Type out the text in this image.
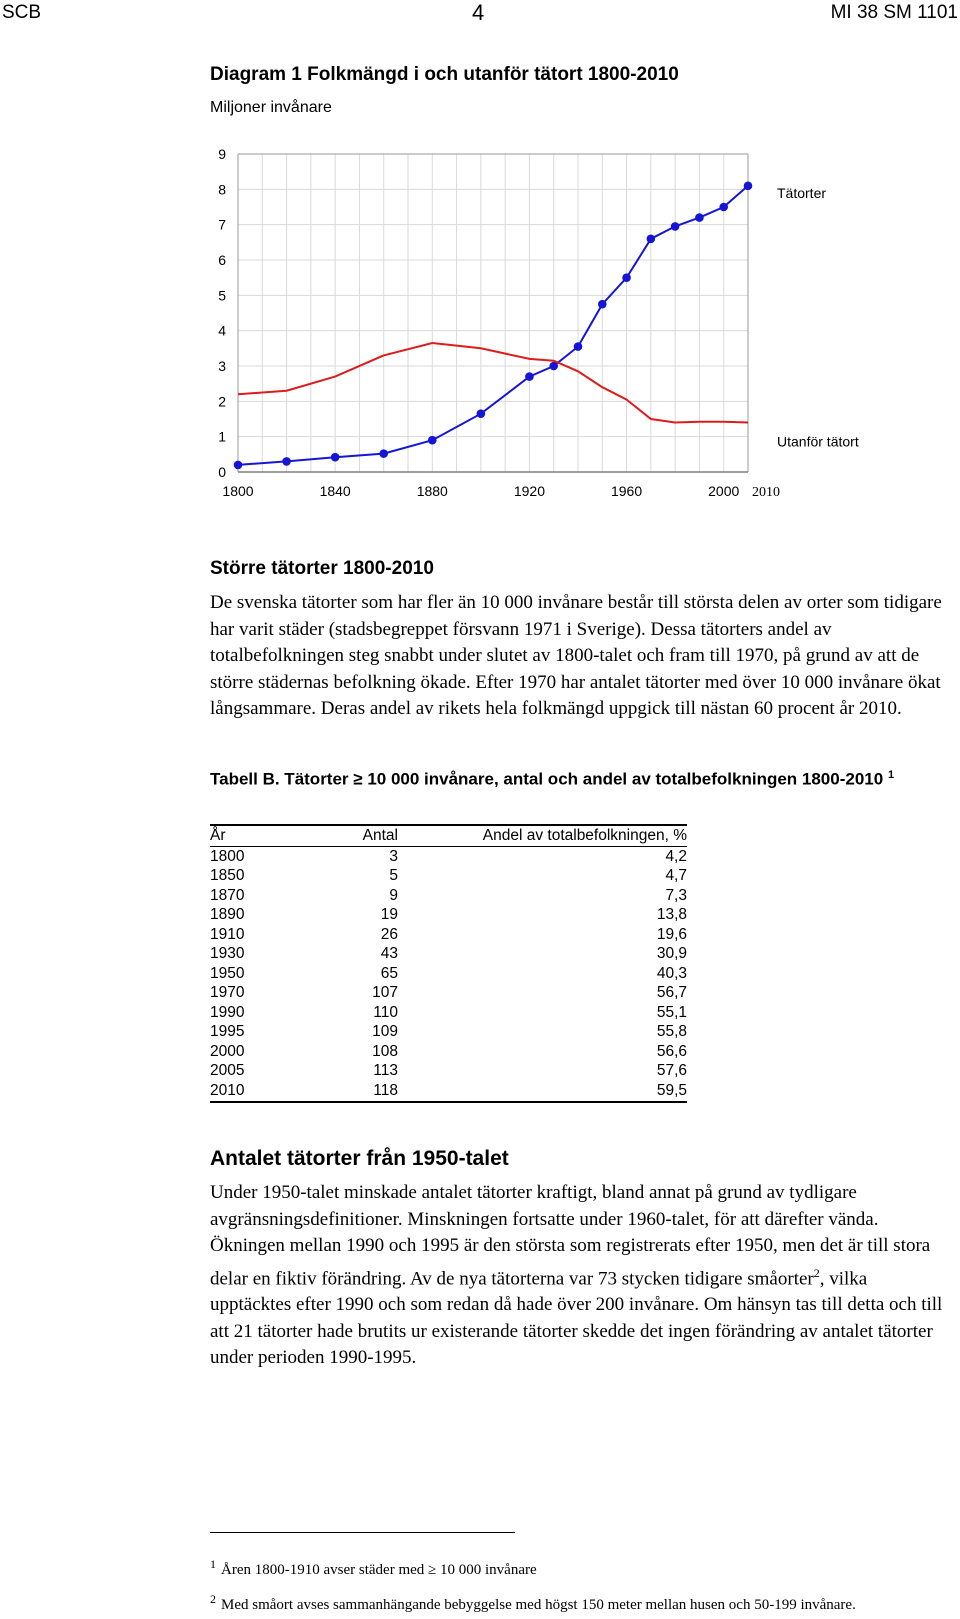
SCB	4	MI 38 SM 1101
Diagram 1 Folkmängd i och utanför tätort 1800-2010
Miljoner invånare
0
1
2
3
4
5
6
7
8
9
1800	1840	1880	1920	1960	2000 2010
Tätorter
Utanför tätort
Större tätorter 1800-2010
De svenska tätorter som har fler än 10 000 invånare består till största delen av orter som tidigare har varit städer (stadsbegreppet försvann 1971 i Sverige). Dessa tätorters andel av totalbefolkningen steg snabbt under slutet av 1800-talet och fram till 1970, på grund av att de större städernas befolkning ökade. Efter 1970 har antalet tätorter med över 10 000 invånare ökat långsammare. Deras andel av rikets hela folkmängd uppgick till nästan 60 procent år 2010.
Tabell B. Tätorter ≥ 10 000 invånare, antal och andel av totalbefolkningen 1800-2010 $^1$
År	Antal	Andel av totalbefolkningen, %
1800	3	4,2
1850	5	4,7
1870	9	7,3
1890	19	13,8
1910	26	19,6
1930	43	30,9
1950	65	40,3
1970	107	56,7
1990	110	55,1
1995	109	55,8
2000	108	56,6
2005	113	57,6
2010	118	59,5
Antalet tätorter från 1950-talet
Under 1950-talet minskade antalet tätorter kraftigt, bland annat på grund av tydligare avgränsningsdefinitioner. Minskningen fortsatte under 1960-talet, för att därefter vända. Ökningen mellan 1990 och 1995 är den största som registrerats efter 1950, men det är till stora delar en fiktiv förändring. Av de nya tätorterna var 73 stycken tidigare småorter$^2$, vilka upptäcktes efter 1990 och som redan då hade över 200 invånare. Om hänsyn tas till detta och till att 21 tätorter hade brutits ur existerande tätorter skedde det ingen förändring av antalet tätorter under perioden 1990-1995.
$^1$ Åren 1800-1910 avser städer med ≥ 10 000 invånare
$^2$ Med småort avses sammanhängande bebyggelse med högst 150 meter mellan husen och 50-199 invånare.
